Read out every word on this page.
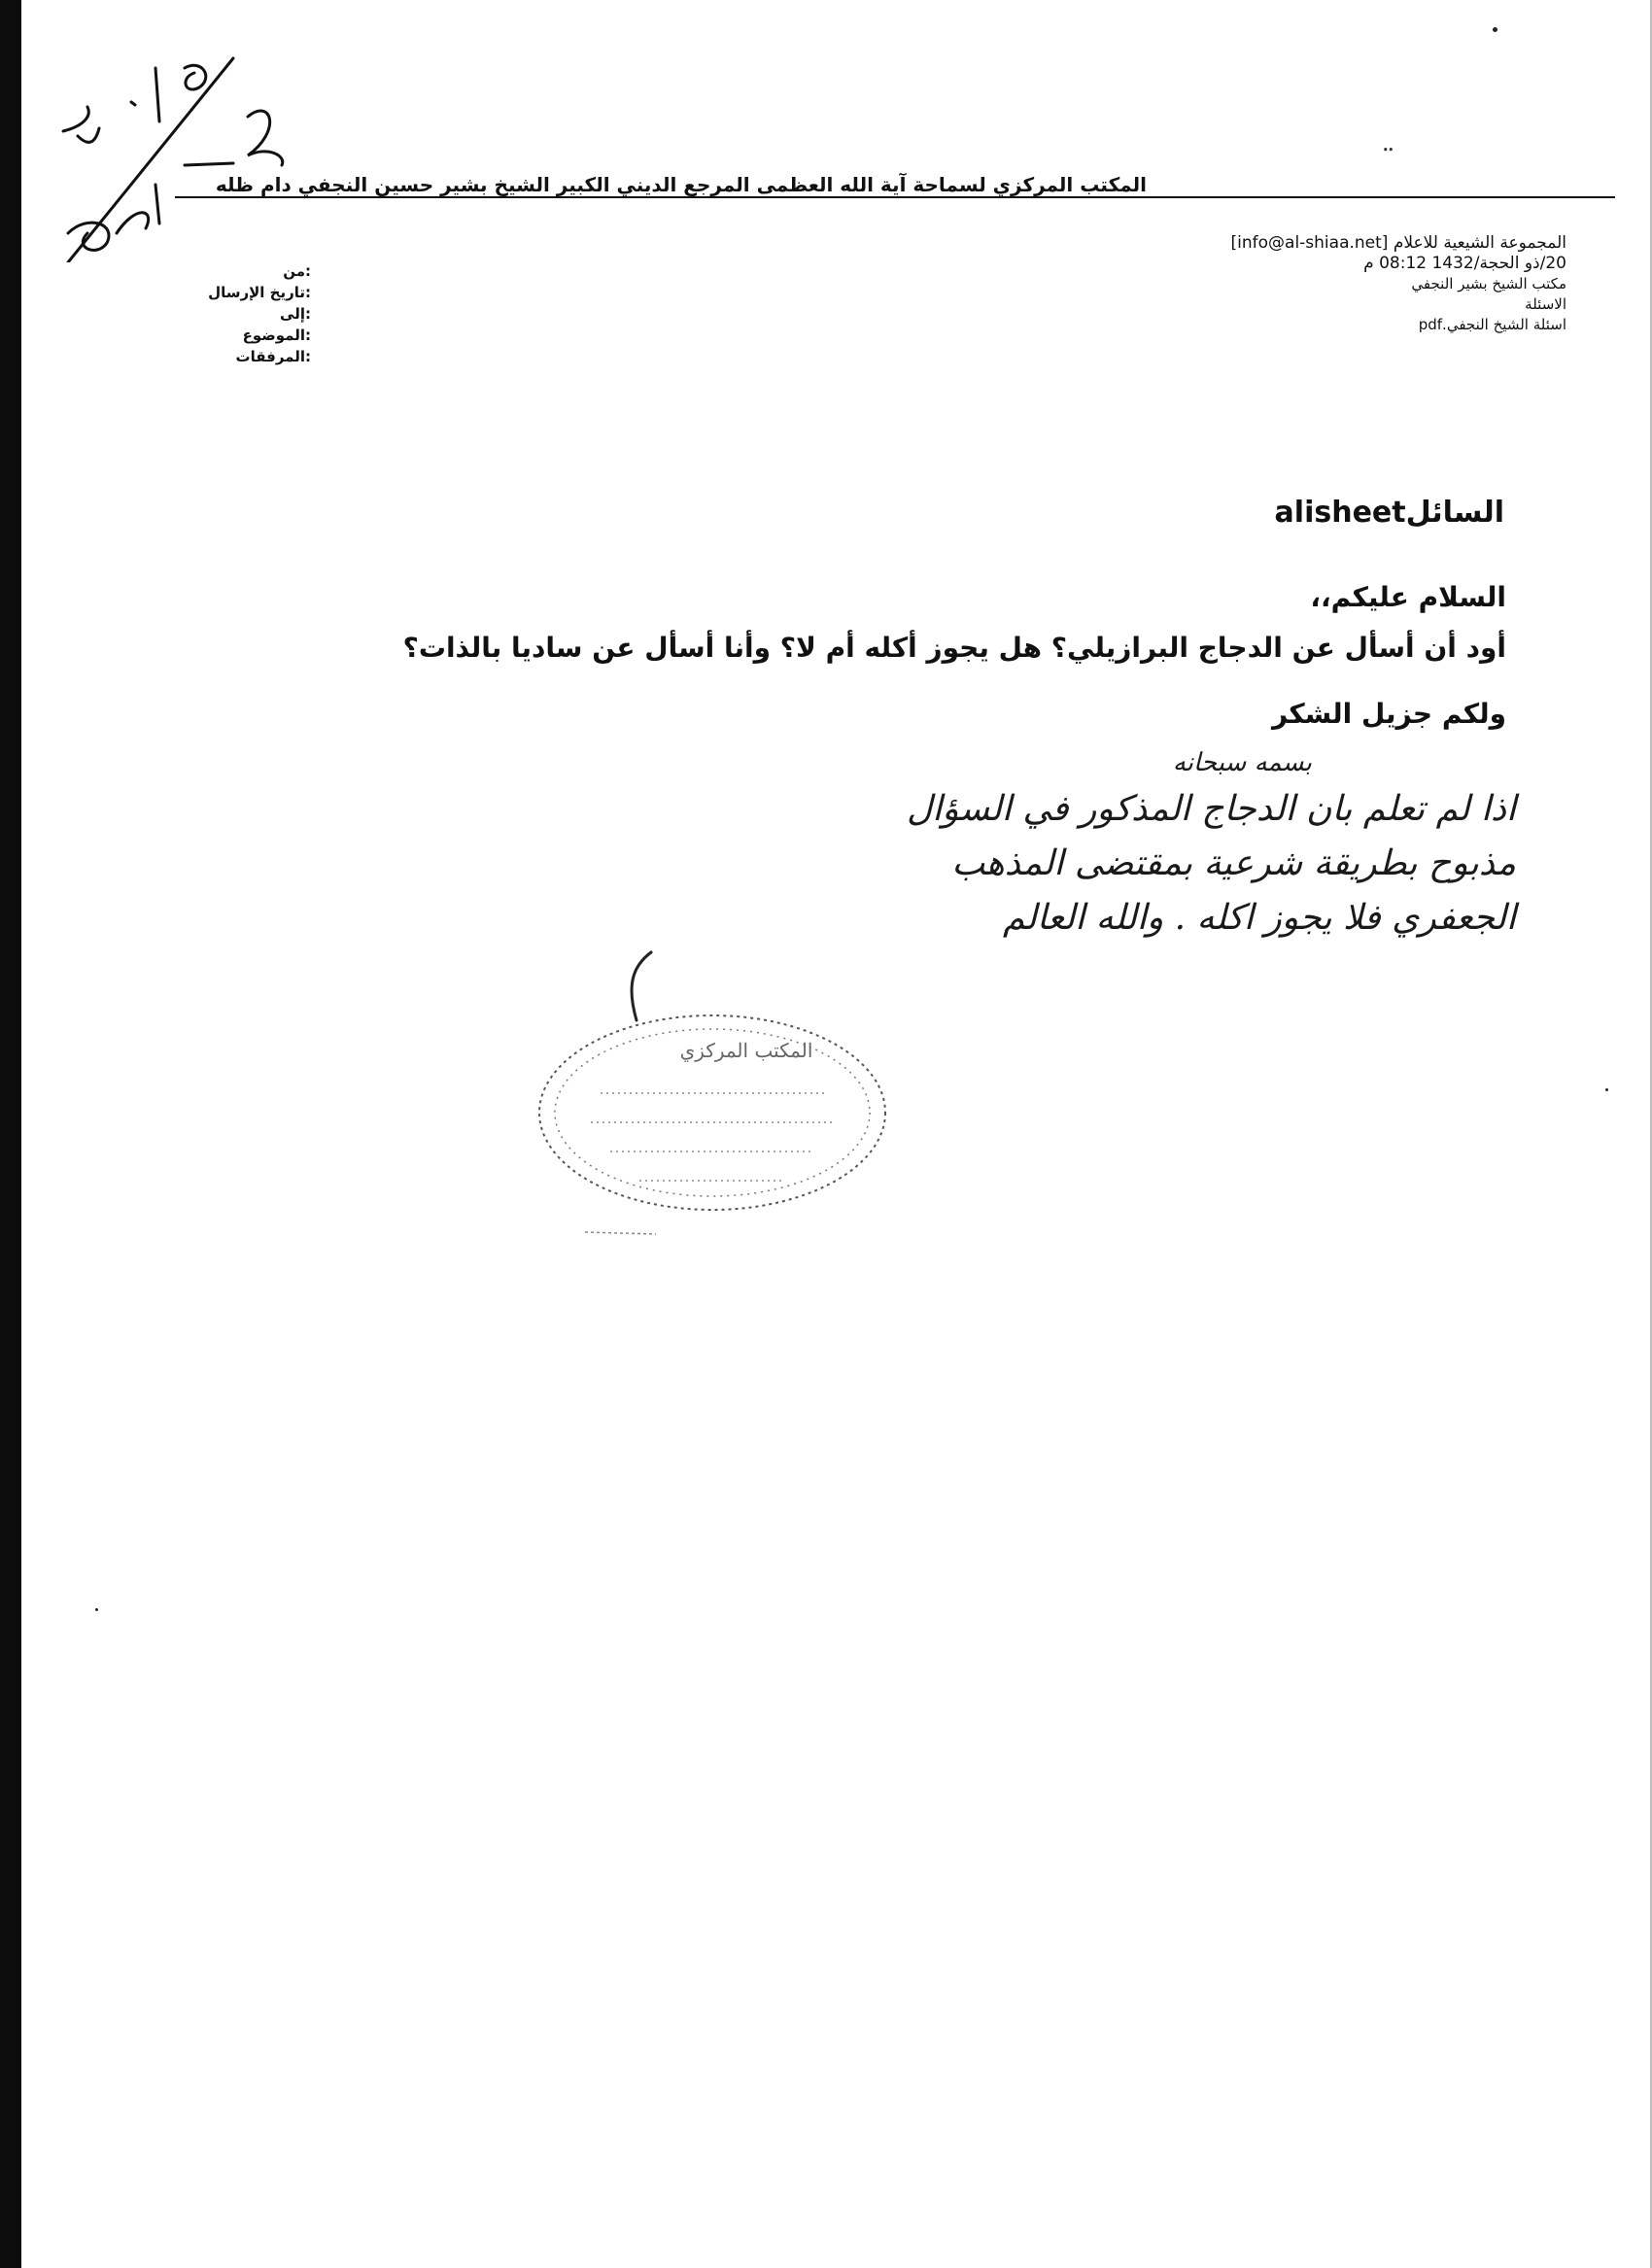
ꞏꞏ
المكتب المركزي لسماحة آية الله العظمى المرجع الديني الكبير الشيخ بشير حسين النجفي دام ظله
:من
:تاريخ الإرسال
:إلى
:الموضوع
:المرفقات
المجموعة الشيعية للاعلام [info@al-shiaa.net]
20/ذو الحجة/1432 08:12 م
مكتب الشيخ بشير النجفي
الاسئلة
اسئلة الشيخ النجفي.pdf
السائلalisheet
السلام عليكم،،
أود أن أسأل عن الدجاج البرازيلي؟ هل يجوز أكله أم لا؟ وأنا أسأل عن ساديا بالذات؟
ولكم جزيل الشكر
بسمه سبحانه
اذا لم تعلم بان الدجاج المذكور في السؤال
مذبوح بطريقة شرعية بمقتضى المذهب
الجعفري فلا يجوز اكله . والله العالم
المكتب المركزي
